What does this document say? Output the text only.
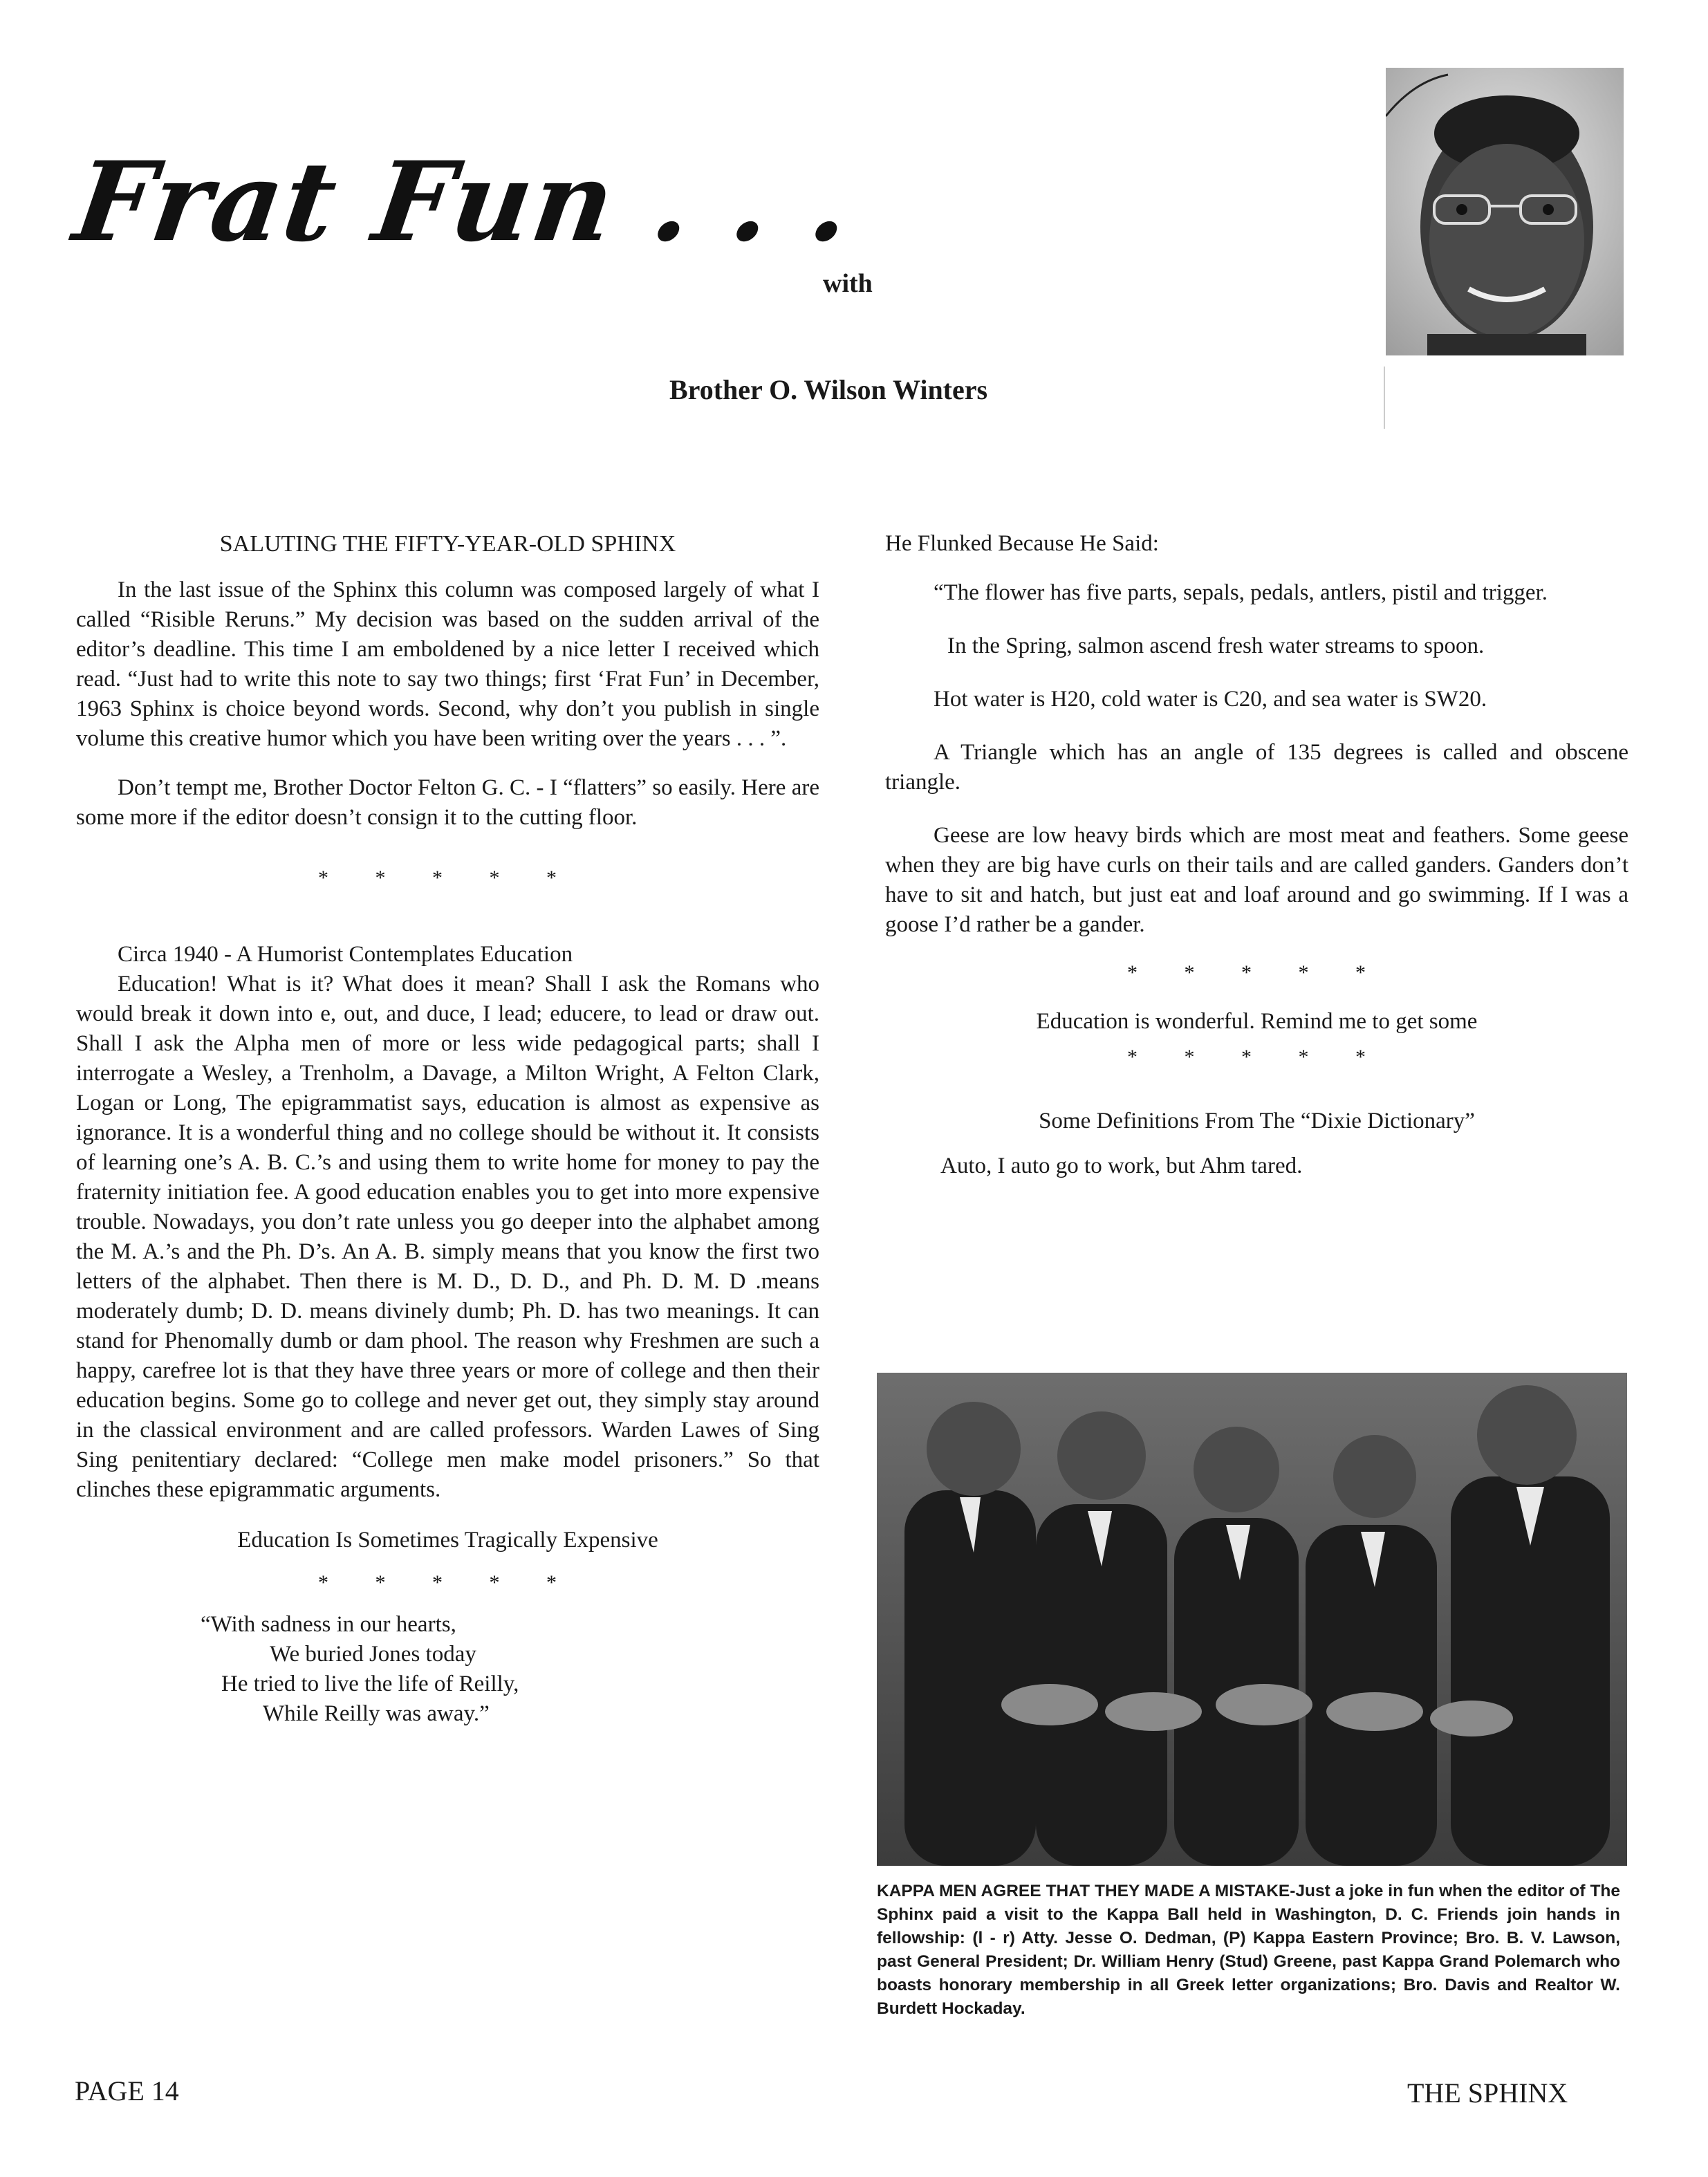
Frat Fun . . .
with
Brother O. Wilson Winters

SALUTING THE FIFTY-YEAR-OLD SPHINX

In the last issue of the Sphinx this column was composed largely of what I called “Risible Reruns.” My decision was based on the sudden arrival of the editor’s deadline. This time I am emboldened by a nice letter I received which read. “Just had to write this note to say two things; first ‘Frat Fun’ in December, 1963 Sphinx is choice beyond words. Second, why don’t you publish in single volume this creative humor which you have been writing over the years . . . ”.

Don’t tempt me, Brother Doctor Felton G. C. - I “flatters” so easily. Here are some more if the editor doesn’t consign it to the cutting floor.

* * * * *

Circa 1940 - A Humorist Contemplates Education

Education! What is it? What does it mean? Shall I ask the Romans who would break it down into e, out, and duce, I lead; educere, to lead or draw out. Shall I ask the Alpha men of more or less wide pedagogical parts; shall I interrogate a Wesley, a Trenholm, a Davage, a Milton Wright, A Felton Clark, Logan or Long, The epigrammatist says, education is almost as expensive as ignorance. It is a wonderful thing and no college should be without it. It consists of learning one’s A. B. C.’s and using them to write home for money to pay the fraternity initiation fee. A good education enables you to get into more expensive trouble. Nowadays, you don’t rate unless you go deeper into the alphabet among the M. A.’s and the Ph. D’s. An A. B. simply means that you know the first two letters of the alphabet. Then there is M. D., D. D., and Ph. D. M. D .means moderately dumb; D. D. means divinely dumb; Ph. D. has two meanings. It can stand for Phenomally dumb or dam phool. The reason why Freshmen are such a happy, carefree lot is that they have three years or more of college and then their education begins. Some go to college and never get out, they simply stay around in the classical environment and are called professors. Warden Lawes of Sing Sing penitentiary declared: “College men make model prisoners.” So that clinches these epigrammatic arguments.

Education Is Sometimes Tragically Expensive

* * * * *

“With sadness in our hearts,

We buried Jones today

He tried to live the life of Reilly,

While Reilly was away.”

He Flunked Because He Said:

“The flower has five parts, sepals, pedals, antlers, pistil and trigger.

In the Spring, salmon ascend fresh water streams to spoon.

Hot water is H20, cold water is C20, and sea water is SW20.

A Triangle which has an angle of 135 degrees is called and obscene triangle.

Geese are low heavy birds which are most meat and feathers. Some geese when they are big have curls on their tails and are called ganders. Ganders don’t have to sit and hatch, but just eat and loaf around and go swimming. If I was a goose I’d rather be a gander.

* * * * *

Education is wonderful. Remind me to get some

* * * * *

Some Definitions From The “Dixie Dictionary”

Auto, I auto go to work, but Ahm tared.

KAPPA MEN AGREE THAT THEY MADE A MISTAKE-Just a joke in fun when the editor of The Sphinx paid a visit to the Kappa Ball held in Washington, D. C. Friends join hands in fellowship: (l - r) Atty. Jesse O. Dedman, (P) Kappa Eastern Province; Bro. B. V. Lawson, past General President; Dr. William Henry (Stud) Greene, past Kappa Grand Polemarch who boasts honorary membership in all Greek letter organizations; Bro. Davis and Realtor W. Burdett Hockaday.
PAGE 14	THE SPHINX
